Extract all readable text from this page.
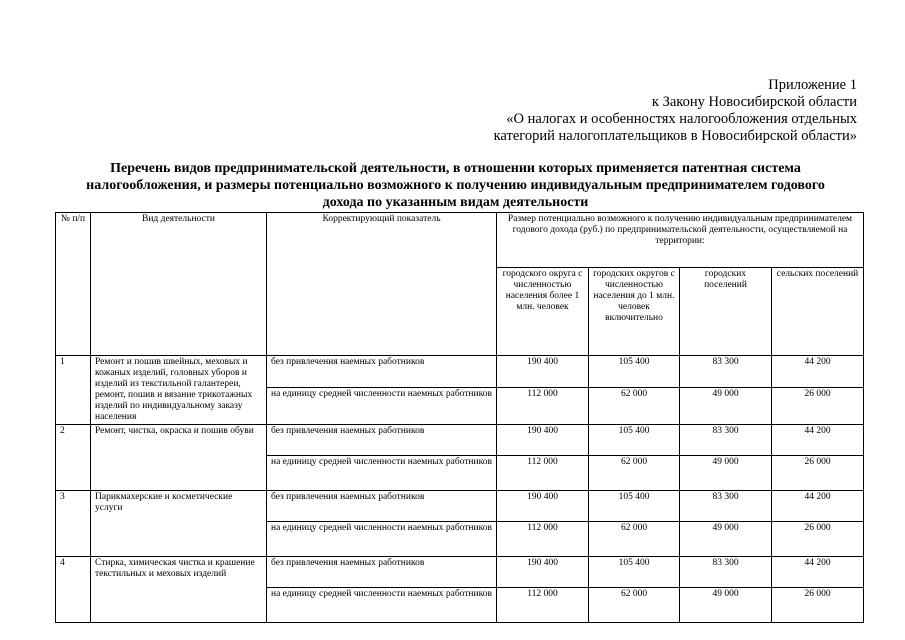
Приложение 1
к Закону Новосибирской области
«О налогах и особенностях налогообложения отдельных
категорий налогоплательщиков в Новосибирской области»
Перечень видов предпринимательской деятельности, в отношении которых применяется патентная система
налогообложения, и размеры потенциально возможного к получению индивидуальным предпринимателем годового
дохода по указанным видам деятельности
№ п/п	Вид деятельности	Корректирующий показатель	Размер потенциально возможного к получению индивидуальным предпринимателем годового дохода (руб.) по предпринимательской деятельности, осуществляемой на территории:			
			городского округа с численностью населения более 1 млн. человек	городских округов с численностью населения до 1 млн. человек включительно	городских поселений	сельских поселений
1	Ремонт и пошив швейных, меховых и кожаных изделий, головных уборов и изделий из текстильной галантереи, ремонт, пошив и вязание трикотажных изделий по индивидуальному заказу населения	без привлечения наемных работников	190 400	105 400	83 300	44 200
		на единицу средней численности наемных работников	112 000	62 000	49 000	26 000
2	Ремонт, чистка, окраска и пошив обуви	без привлечения наемных работников	190 400	105 400	83 300	44 200
		на единицу средней численности наемных работников	112 000	62 000	49 000	26 000
3	Парикмахерские и косметические услуги	без привлечения наемных работников	190 400	105 400	83 300	44 200
		на единицу средней численности наемных работников	112 000	62 000	49 000	26 000
4	Стирка, химическая чистка и крашение текстильных и меховых изделий	без привлечения наемных работников	190 400	105 400	83 300	44 200
		на единицу средней численности наемных работников	112 000	62 000	49 000	26 000
